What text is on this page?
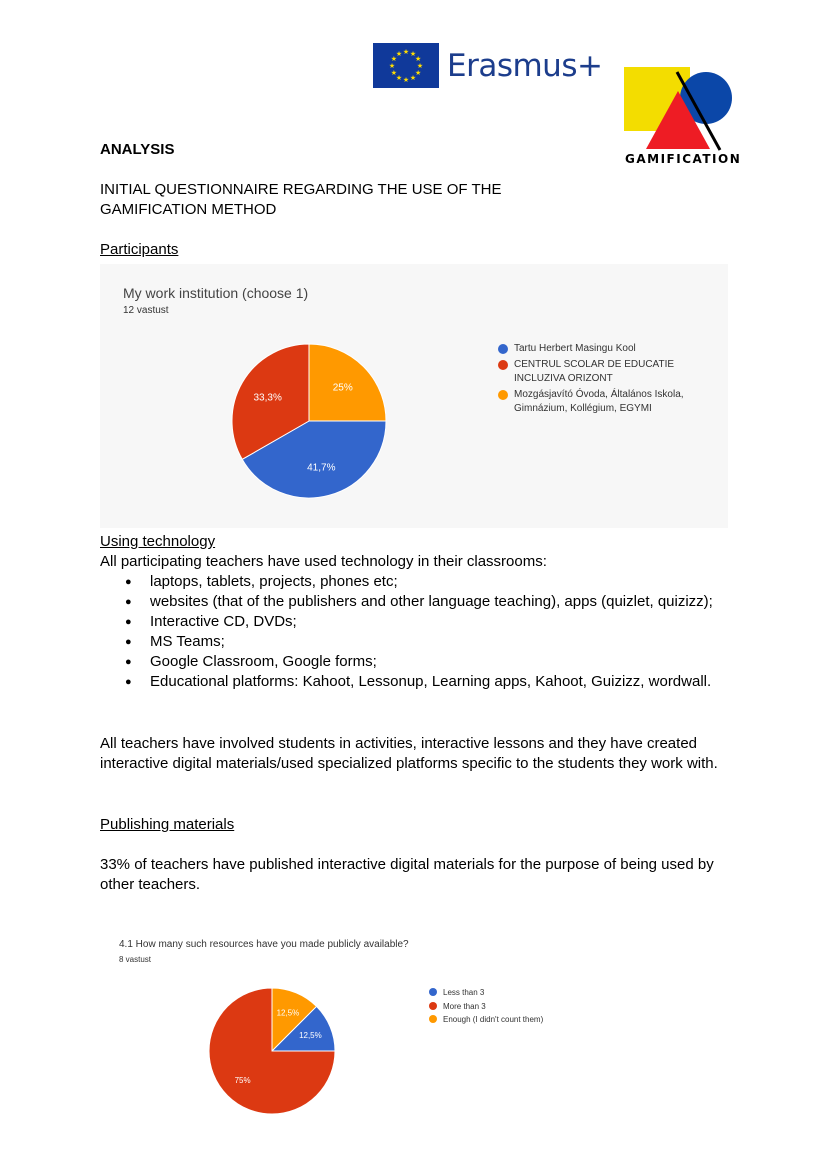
★ ★
★
★
★
★
★
★
★
★
★
★ Erasmus+
GAMIFICATION
ANALYSIS
INITIAL QUESTIONNAIRE REGARDING THE USE OF THE GAMIFICATION METHOD
Participants
My work institution (choose 1)
12 vastust
25%
41,7%
33,3%
Tartu Herbert Masingu Kool
CENTRUL SCOLAR DE EDUCATIE INCLUZIVA ORIZONT
Mozgásjavító Óvoda, Általános Iskola, Gimnázium, Kollégium, EGYMI
Using technology
All participating teachers have used technology in their classrooms:
● laptops, tablets, projects, phones etc;
● websites (that of the publishers and other language teaching), apps (quizlet, quizizz);
● Interactive CD, DVDs;
● MS Teams;
● Google Classroom, Google forms;
● Educational platforms: Kahoot, Lessonup, Learning apps, Kahoot, Guizizz, wordwall.
All teachers have involved students in activities, interactive lessons and they have created interactive digital materials/used specialized platforms specific to the students they work with.
Publishing materials
33% of teachers have published interactive digital materials for the purpose of being used by other teachers.
4.1 How many such resources have you made publicly available?
8 vastust
12,5%
12,5%
75%
Less than 3
More than 3
Enough (I didn't count them)
